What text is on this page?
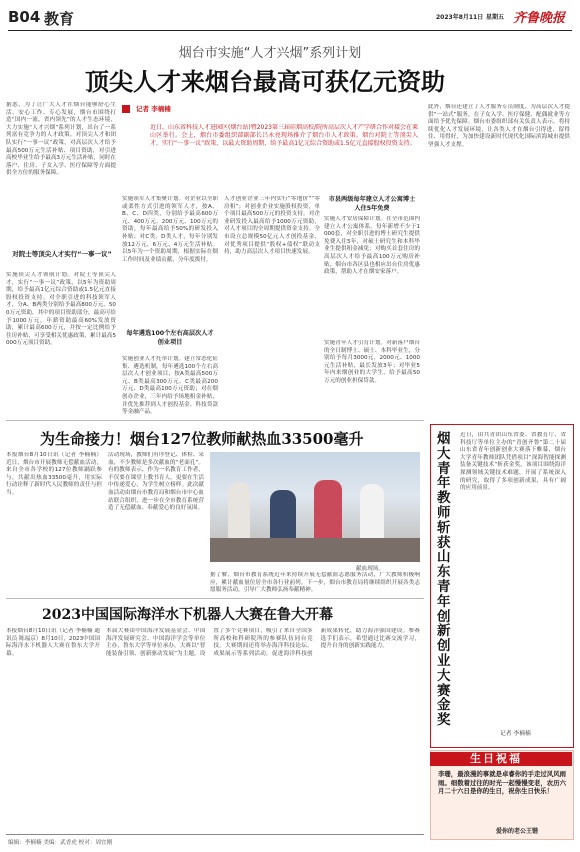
B04 教育	2023年8月11日 星期五 齐鲁晚报
烟台市实施“人才兴烟”系列计划
顶尖人才来烟台最高可获亿元资助
据悉，为了让广大人才在烟台能够舒心生活、安心工作、专心发展，烟台市围绕打造“国内一流、省内领先”的人才生态环境，大力实施“人才兴烟”系列计划，出台了一系列富有竞争力的人才政策。对顶尖人才和团队实行“一事一议”政策，对高层次人才给予最高500万元生活补贴、项目资助，对引进高校毕业生给予最高3万元生活补贴，同时在落户、住房、子女入学、医疗保障等方面提供全方位的服务保障。
对院士等顶尖人才实行“一事一议”
实施顶尖人才领航计划。对院士等顶尖人才，实行“一事一议”政策，以5年为资助周期，给予最高1亿元综合资助或1.5亿元直接股权投资支持。对全职引进的科技领军人才，分A、B两类分别给予最高800万元、500万元资助，其中的项目资助部分，最高可给予1000万元，年薪资助最高60%发放资助，累计最高600万元，并按一定比例给予住房补贴，可享受相关优惠政策，累计最高5000万元项目资助。
记者 李楠楠
近日，山东省科技人才进园区(烟台站)暨2023第三届硅烟高校/院所高层次人才产学研合作对接会在莱山区举行。会上，烟台市委组织部副部长吕永亮现场推介了烟台市人才政策。烟台对院士等顶尖人才，实行“一事一议”政策，以最大资助周期，给予最高1亿元综合资助或1.5亿元直接股权投资支持。
实施领军人才集聚计划。对企业以全职或柔性方式引进的领军人才，按A、B、C、D四类，分别给予最高600万元、400万元、200万元、100万元的资助，每年最高给予50%的研发投入补贴；对C类、D类人才，每年分别发放12万元、6万元、4万元生活补贴。以5年为一个资助周期，根据实际在烟工作时间及业绩贡献，分年度拨付。
每年遴选100个左右高层次人才创业项目
实施创业人才托举计划。建立常态化征集、遴选机制，每年遴选100个左右高层次人才创业项目，按A类最高500万元、B类最高300万元、C类最高200万元、D类最高100万元资助；对在烟创办企业，三年内给予场地租金补贴，并优先推荐到人才创投基金、科技贷款等金融产品。
人才创业企业三年内实行“零地价”“零房租”；对创业企业实施股权投资，单个项目最高500万元的投资支持。对企业研发投入最高给予1000万元资助，对人才项目的全周期提供资金支持。全市设立总规模50亿元人才创投基金，对优秀项目提供“股权+债权”联动支持，助力高层次人才项目快速发展。
市县两级每年建立人才公寓博士人住5年免费
实施人才安居保障计划。在全市范围内建立人才公寓体系，每年新增不少于1000套，对全职引进的博士研究生提供免费入住5年，对硕士研究生和本科毕业生提供租金减免；对购买首套住房的高层次人才给予最高100万元购房补贴，烟台市各区县也相应出台住房优惠政策，帮助人才在烟安家落户。
实施青年人才引育计划。对新落户烟台的全日制博士、硕士、本科毕业生，分别给予每月3000元、2000元、1000元生活补贴，最长发放3年；对毕业5年内来烟创业的大学生，给予最高50万元的创业担保贷款。
此外，烟台还建立了人才服务专员制度，为高层次人才提供“一站式”服务，在子女入学、医疗保健、配偶就业等方面给予优先保障。烟台市委组织部有关负责人表示，将持续优化人才发展环境，让各类人才在烟台引得进、留得住、用得好，为加快建设新时代现代化国际滨海城市提供坚强人才支撑。
为生命接力！烟台127位教师献热血33500毫升
本报烟台8月10日讯（记者 李楠楠）近日，烟台市开展教师无偿献血活动，来自全市各学校的127位教师踊跃参与，共献出热血33500毫升，用实际行动诠释了新时代人民教师的责任与担当。
活动现场，教师们有序登记、体检、采血，不少教师是多次献血的“老面孔”。有的教师表示，作为一名教育工作者，不仅要在课堂上教书育人，更要在生活中传递爱心，为学生树立榜样。此次献血活动由烟台市教育局和烟台市中心血站联合组织，进一步在全市教育系统营造了无偿献血、奉献爱心的良好氛围。
献血现场。
据了解，烟台市教育系统近年来持续开展无偿献血志愿服务活动，广大教师积极响应，累计献血量位居全市各行业前列。下一步，烟台市教育局将继续组织开展各类志愿服务活动，引导广大教师弘扬奉献精神。
2023中国国际海洋水下机器人大赛在鲁大开幕
本报烟台8月10日讯（记者 李楠楠 通讯员 陈福京）8月10日，2023中国国际海洋水下机器人大赛在鲁东大学开幕。
本届大赛由中国海洋发展基金会、中国海洋发展研究会、中国海洋学会等单位主办，鲁东大学等单位承办。大赛以“智能装备引领、创新驱动发展”为主题，设置了多个竞赛项目，吸引了来自全国多所高校和科研院所的参赛队伍同台竞技。大赛期间还将举办海洋科技论坛、成果展示等系列活动，促进海洋科技创新成果转化，助力海洋强国建设。参赛选手们表示，希望通过比赛交流学习，提升自身的创新实践能力。
烟大青年教师斩获山东青年创新创业大赛金奖
近日，由共青团山东省委、省教育厅、省科技厅等单位主办的“青创齐鲁”第二十届山东省青年创新创业大赛落下帷幕，烟台大学青年教师团队凭借项目“深海智能探测装备关键技术”斩获金奖。该项目围绕海洋探测领域关键技术难题，开展了系统深入的研究，取得了多项创新成果，具有广阔的应用前景。
记者 李楠楠
生日祝福
李珊，最浪漫的事就是卓睿你的手走过风风雨雨。细数着过往的时光一起慢慢变老，农历六月二十六日是你的生日，祝你生日快乐！
爱你的老公王锴
编辑：李楠楠 美编：武香虎 校对：周宜刚
